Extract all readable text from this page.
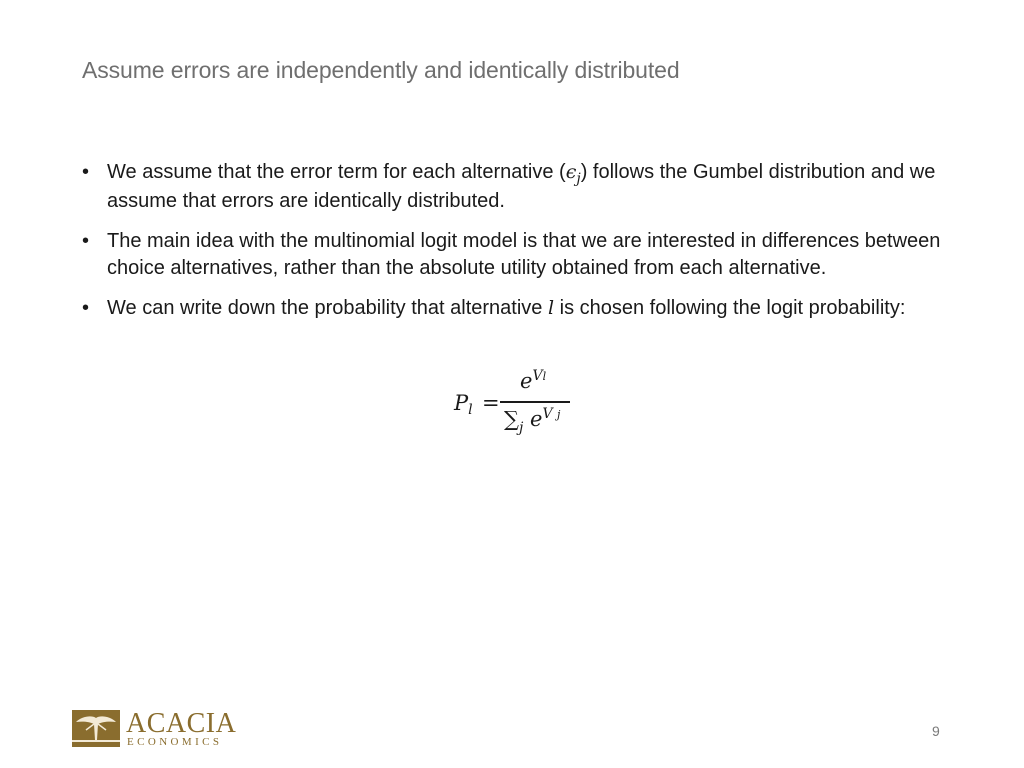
Assume errors are independently and identically distributed
• We assume that the error term for each alternative $(\epsilon_j)$ follows the Gumbel distribution and we assume that errors are identically distributed.
• The main idea with the multinomial logit model is that we are interested in differences between choice alternatives, rather than the absolute utility obtained from each alternative.
• We can write down the probability that alternative l is chosen following the logit probability:
$P_l$ =
$e^{Vl}$
$\sum_j$ $e^{V j}$
ACACIA
ECONOMICS
9
